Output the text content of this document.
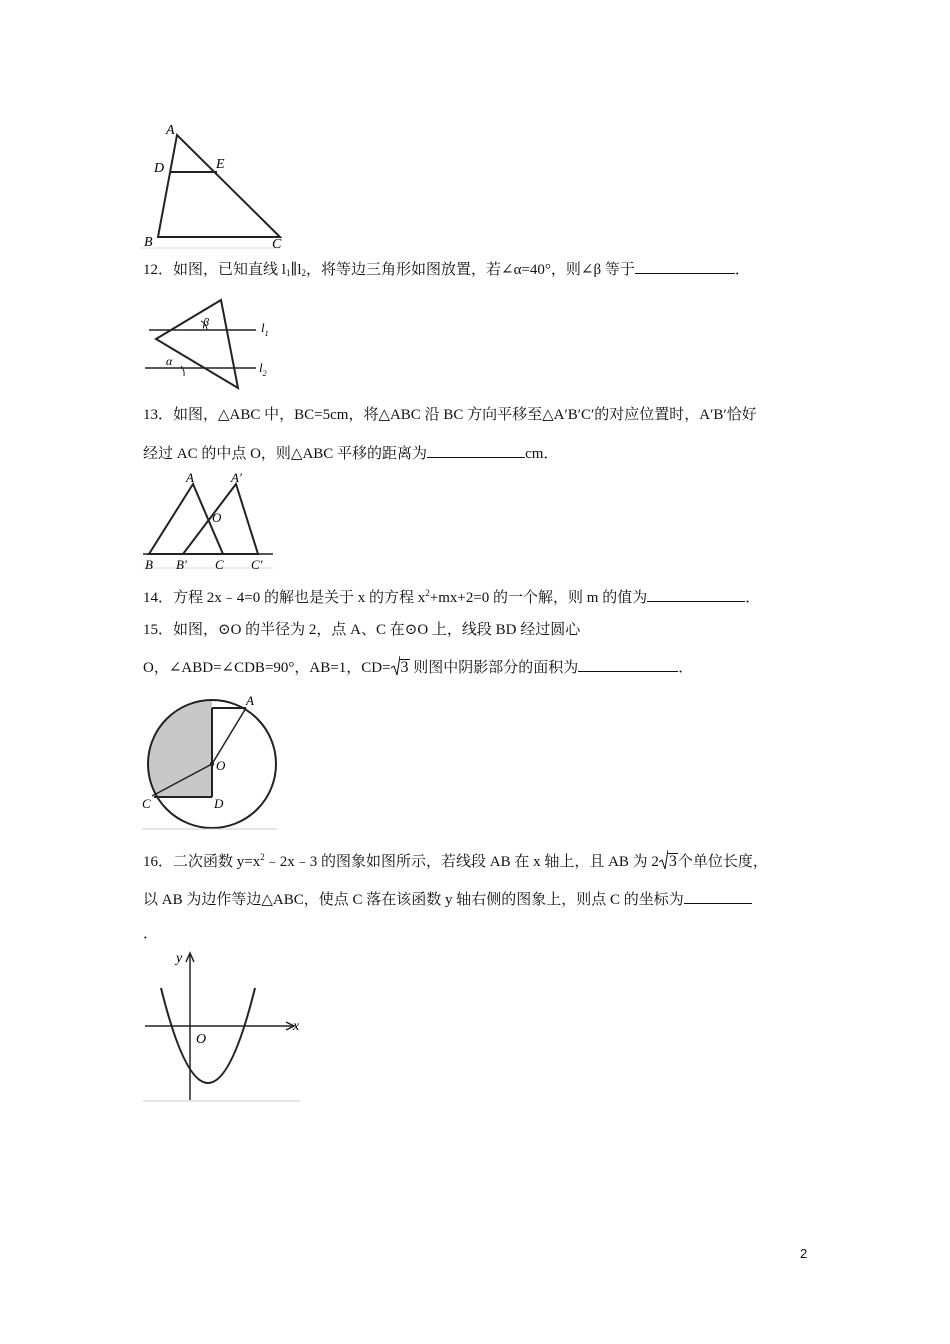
A
D	E
B	C
12．如图，已知直线 $l_1\parallel l_2$，将等边三角形如图放置，若∠α=40°，则∠β 等于	．
β
α
$l_1$
$l_2$
13．如图，△ABC 中，BC=5cm，将△ABC 沿 BC 方向平移至△A′B′C′的对应位置时，A′B′恰好
经过 AC 的中点 O，则△ABC 平移的距离为	cm．
A	A′
O
B B′ C C′
14．方程 2x﹣4=0 的解也是关于 x 的方程 $x^2+mx+2=0$ 的一个解，则 m 的值为	．
15．如图，⊙O 的半径为 2，点 A、C 在⊙O 上，线段 BD 经过圆心
O，∠ABD=∠CDB=90°，AB=1，CD= 3 则图中阴影部分的面积为	．
A
O
C	D
16．二次函数 $y=x^2﹣2x﹣3$ 的图象如图所示，若线段 AB 在 x 轴上，且 AB 为 2 3 个单位长度，
以 AB 为边作等边△ABC，使点 C 落在该函数 y 轴右侧的图象上，则点 C 的坐标为
．
y
x
O
2
